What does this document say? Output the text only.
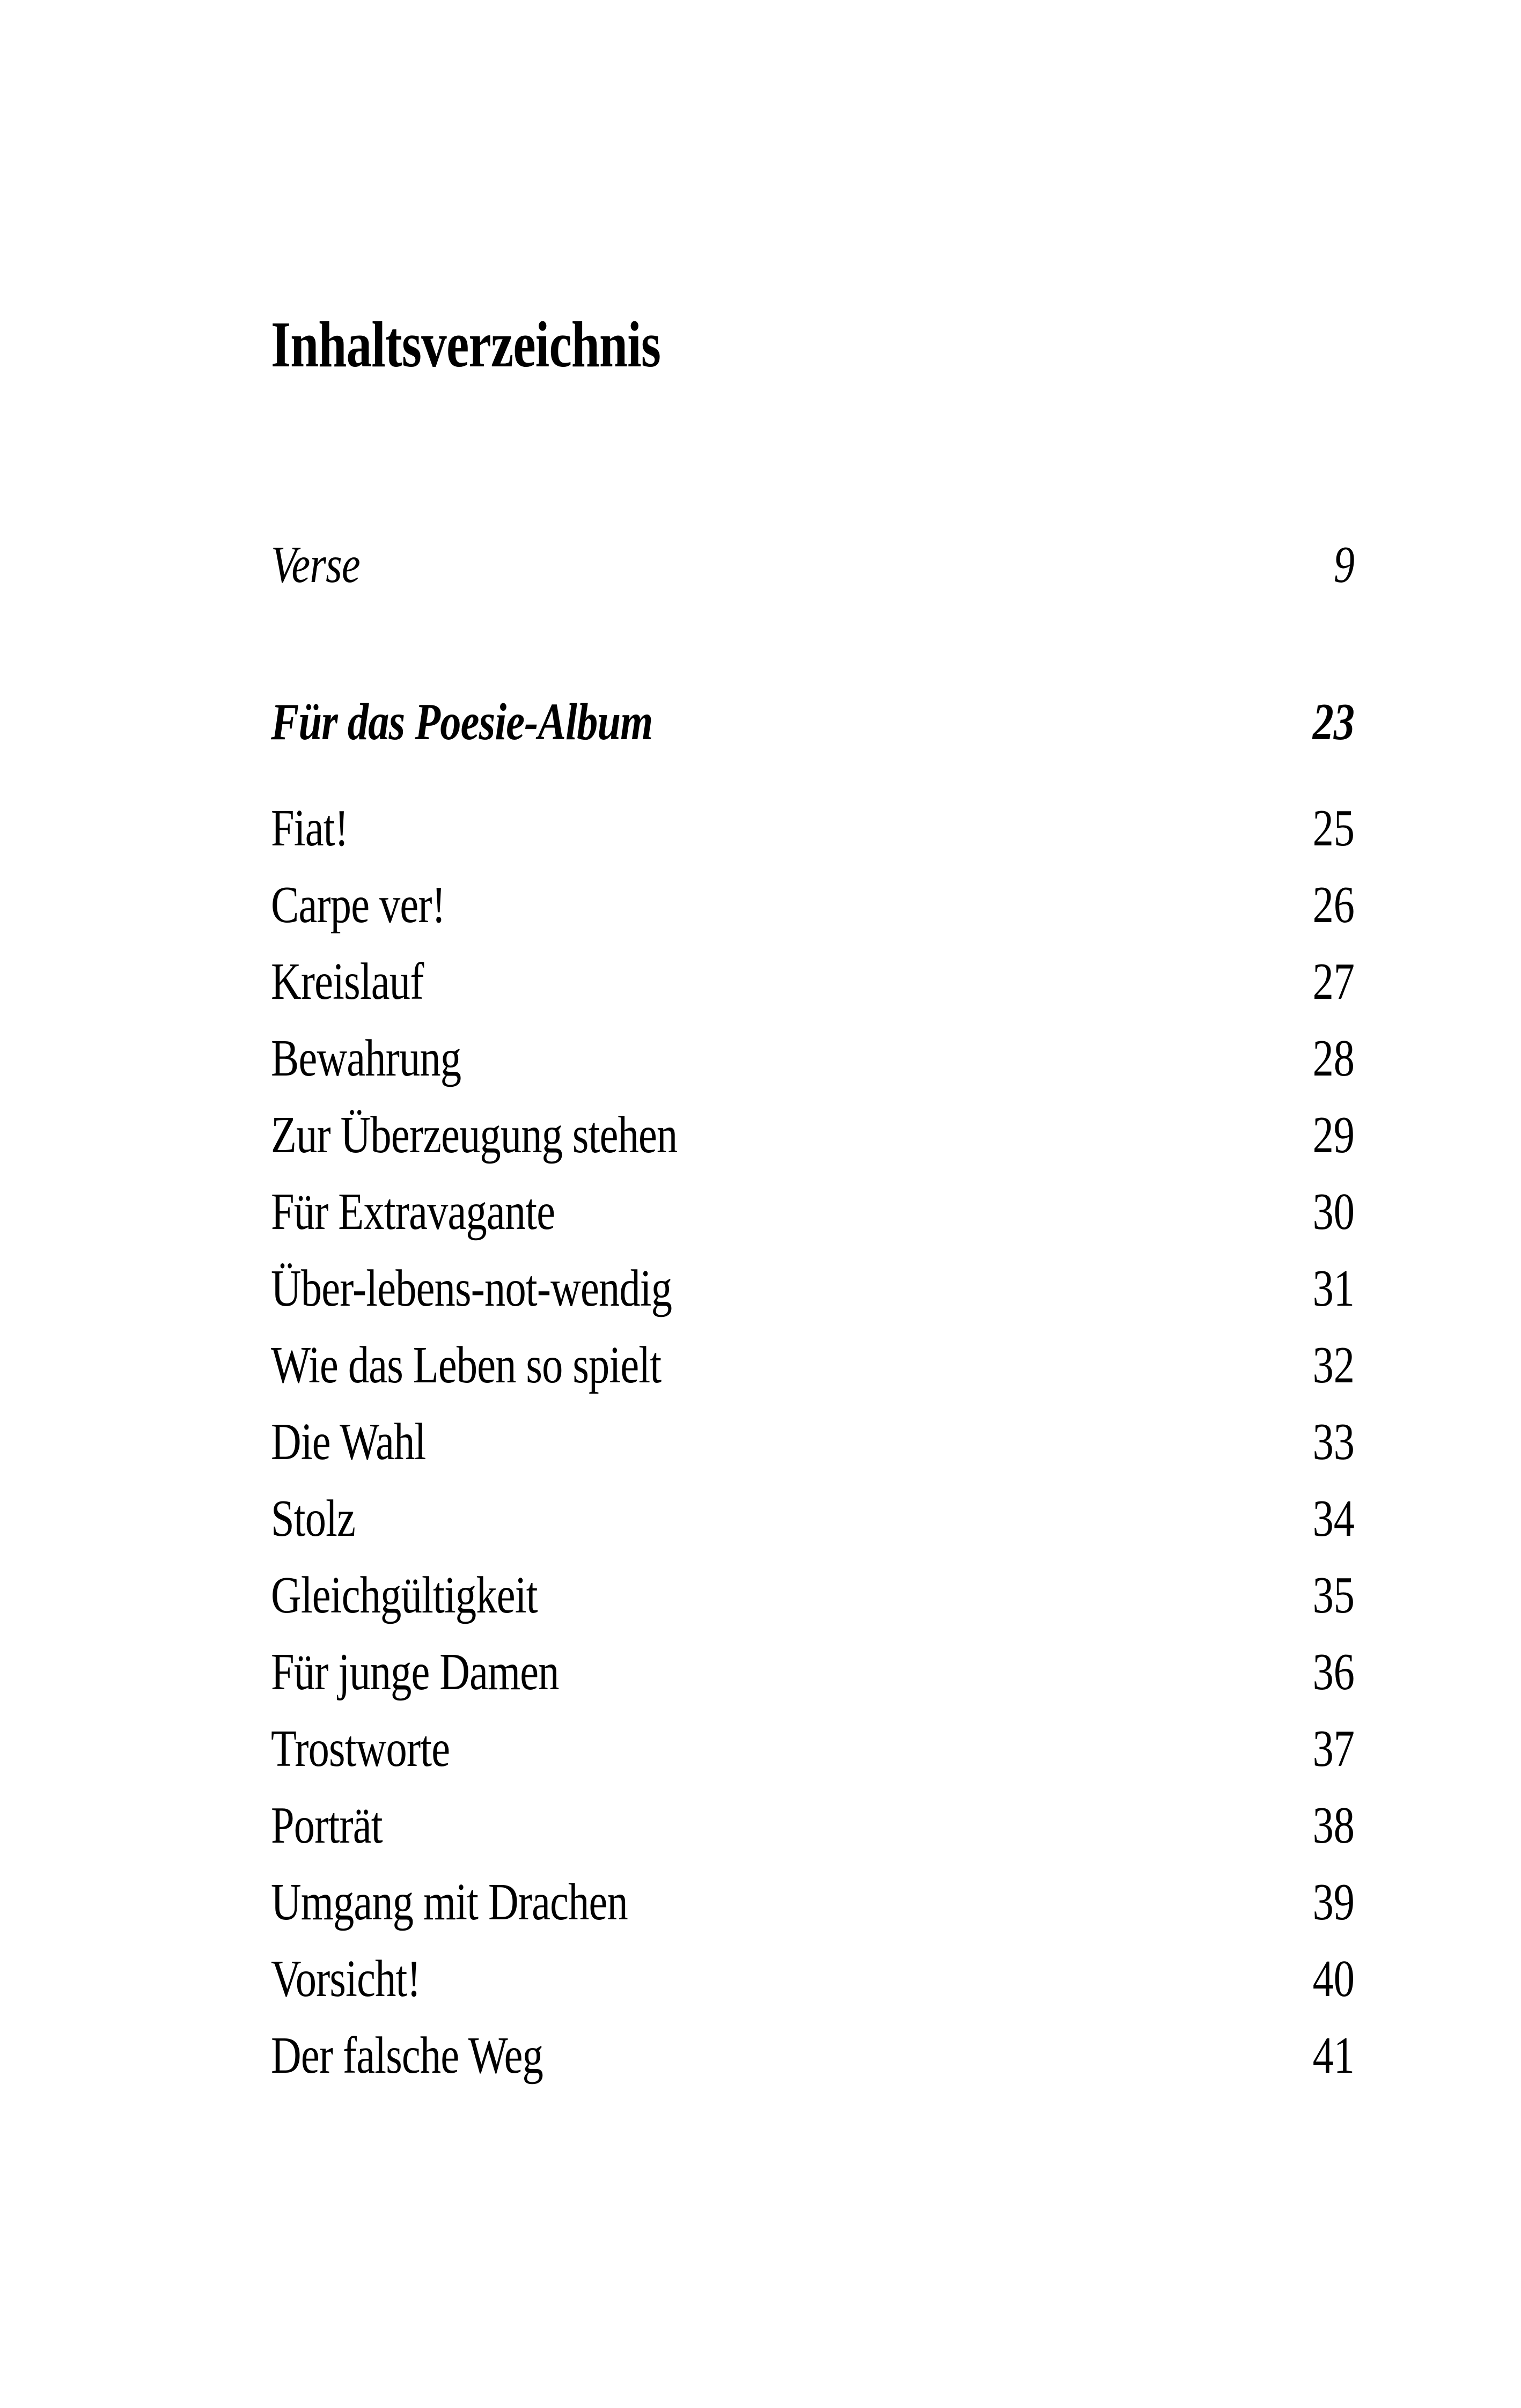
Inhaltsverzeichnis
Verse	9
Für das Poesie-Album	23
Fiat!	25
Carpe ver!	26
Kreislauf	27
Bewahrung	28
Zur Überzeugung stehen	29
Für Extravagante	30
Über-lebens-not-wendig	31
Wie das Leben so spielt	32
Die Wahl	33
Stolz	34
Gleichgültigkeit	35
Für junge Damen	36
Trostworte	37
Porträt	38
Umgang mit Drachen	39
Vorsicht!	40
Der falsche Weg	41
